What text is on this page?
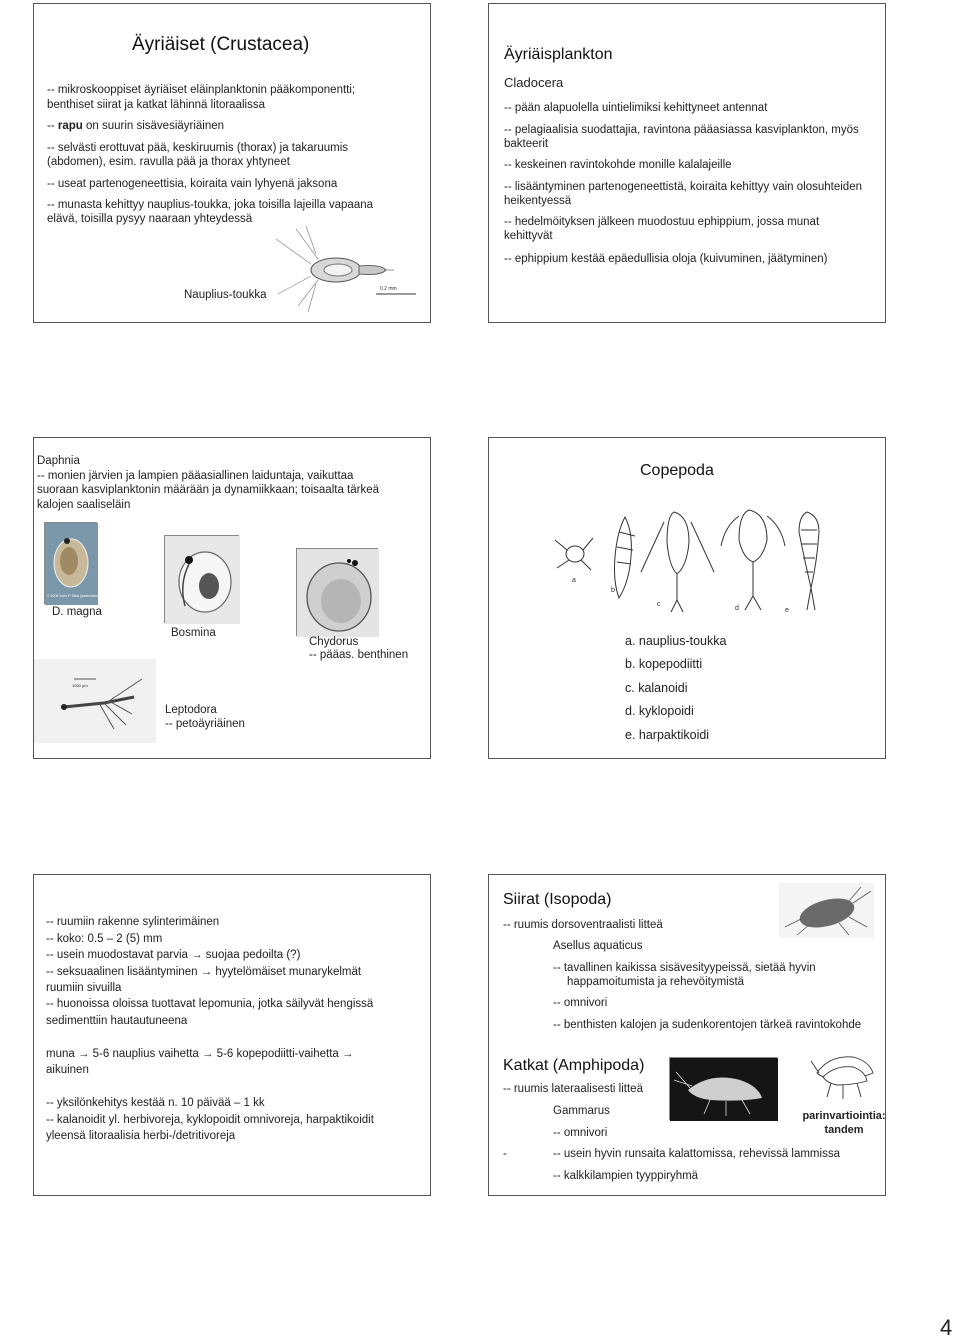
Äyriäiset (Crustacea)
-- mikroskooppiset äyriäiset eläinplanktonin pääkomponentti;
benthiset siirat ja katkat lähinnä litoraalissa
-- rapu on suurin sisävesiäyriäinen
-- selvästi erottuvat pää, keskiruumis (thorax) ja takaruumis
(abdomen), esim. ravulla pää ja thorax yhtyneet
-- useat partenogeneettisia, koiraita vain lyhyenä jaksona
-- munasta kehittyy nauplius-toukka, joka toisilla lajeilla vapaana
elävä, toisilla pysyy naaraan yhteydessä
0.2 mm
Nauplius-toukka
Äyriäisplankton
Cladocera
-- pään alapuolella uintielimiksi kehittyneet antennat
-- pelagiaalisia suodattajia, ravintona pääasiassa kasviplankton, myös
bakteerit
-- keskeinen ravintokohde monille kalalajeille
-- lisääntyminen partenogeneettistä, koiraita kehittyy vain olosuhteiden
heikentyessä
-- hedelmöityksen jälkeen muodostuu ephippium, jossa munat
kehittyvät
-- ephippium kestää epäedullisia oloja (kuivuminen, jäätyminen)
Daphnia
-- monien järvien ja lampien pääasiallinen laiduntaja, vaikuttaa
suoraan kasviplanktonin määrään ja dynamiikkaan; toisaalta tärkeä
kalojen saaliseläin
© 2005 John F. Stick (www.microfarm.org)
D. magna
Bosmina
Chydorus
-- pääas. benthinen
1000 µm
Leptodora
-- petoäyriäinen
Copepoda
a
b
c
d	e
a. nauplius-toukka
b. kopepodiitti
c. kalanoidi
d. kyklopoidi
e. harpaktikoidi
-- ruumiin rakenne sylinterimäinen
-- koko: 0.5 – 2 (5) mm
-- usein muodostavat parvia → suojaa pedoilta (?)
-- seksuaalinen lisääntyminen → hyytelömäiset munarykelmät
ruumiin sivuilla
-- huonoissa oloissa tuottavat lepomunia, jotka säilyvät hengissä
sedimenttiin hautautuneena
muna → 5-6 nauplius vaihetta → 5-6 kopepodiitti-vaihetta →
aikuinen
-- yksilönkehitys kestää n. 10 päivää – 1 kk
-- kalanoidit yl. herbivoreja, kyklopoidit omnivoreja, harpaktikoidit
yleensä litoraalisia herbi-/detritivoreja
Siirat (Isopoda)
-- ruumis dorsoventraalisti litteä
Asellus aquaticus
-- tavallinen kaikissa sisävesityypeissä, sietää hyvin
happamoitumista ja rehevöitymistä
-- omnivori
-- benthisten kalojen ja sudenkorentojen tärkeä ravintokohde
Katkat (Amphipoda)
-- ruumis lateraalisesti litteä
Gammarus
-- omnivori
-	-- usein hyvin runsaita kalattomissa, rehevissä lammissa
-- kalkkilampien tyyppiryhmä
parinvartiointia:
tandem
4
